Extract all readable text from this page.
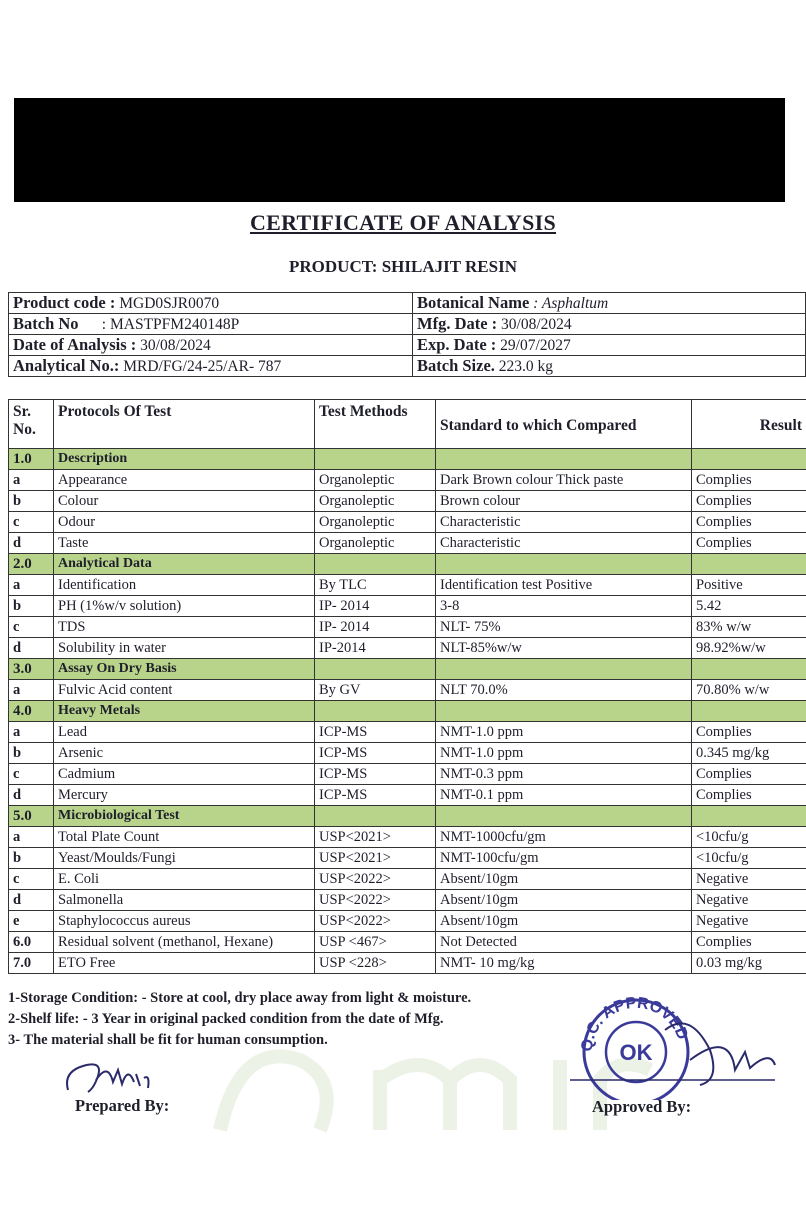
CERTIFICATE OF ANALYSIS
PRODUCT: SHILAJIT RESIN
Product code : MGD0SJR0070	Botanical Name : Asphaltum
Batch No : MASTPFM240148P	Mfg. Date : 30/08/2024
Date of Analysis : 30/08/2024	Exp. Date : 29/07/2027
Analytical No.: MRD/FG/24-25/AR- 787	Batch Size. 223.0 kg
Sr. No.	Protocols Of Test	Test Methods	Standard to which Compared	Result
1.0	Description			
a	Appearance	Organoleptic	Dark Brown colour Thick paste	Complies
b	Colour	Organoleptic	Brown colour	Complies
c	Odour	Organoleptic	Characteristic	Complies
d	Taste	Organoleptic	Characteristic	Complies
2.0	Analytical Data			
a	Identification	By TLC	Identification test Positive	Positive
b	PH (1%w/v solution)	IP- 2014	3-8	5.42
c	TDS	IP- 2014	NLT- 75%	83% w/w
d	Solubility in water	IP-2014	NLT-85%w/w	98.92%w/w
3.0	Assay On Dry Basis			
a	Fulvic Acid content	By GV	NLT 70.0%	70.80% w/w
4.0	Heavy Metals			
a	Lead	ICP-MS	NMT-1.0 ppm	Complies
b	Arsenic	ICP-MS	NMT-1.0 ppm	0.345 mg/kg
c	Cadmium	ICP-MS	NMT-0.3 ppm	Complies
d	Mercury	ICP-MS	NMT-0.1 ppm	Complies
5.0	Microbiological Test			
a	Total Plate Count	USP<2021>	NMT-1000cfu/gm	<10cfu/g
b	Yeast/Moulds/Fungi	USP<2021>	NMT-100cfu/gm	<10cfu/g
c	E. Coli	USP<2022>	Absent/10gm	Negative
d	Salmonella	USP<2022>	Absent/10gm	Negative
e	Staphylococcus aureus	USP<2022>	Absent/10gm	Negative
6.0	Residual solvent (methanol, Hexane)	USP <467>	Not Detected	Complies
7.0	ETO Free	USP <228>	NMT- 10 mg/kg	0.03 mg/kg
1-Storage Condition: - Store at cool, dry place away from light & moisture.
2-Shelf life: - 3 Year in original packed condition from the date of Mfg.
3- The material shall be fit for human consumption.
Prepared By:
Q.C. APPROVED
OK
Approved By:
